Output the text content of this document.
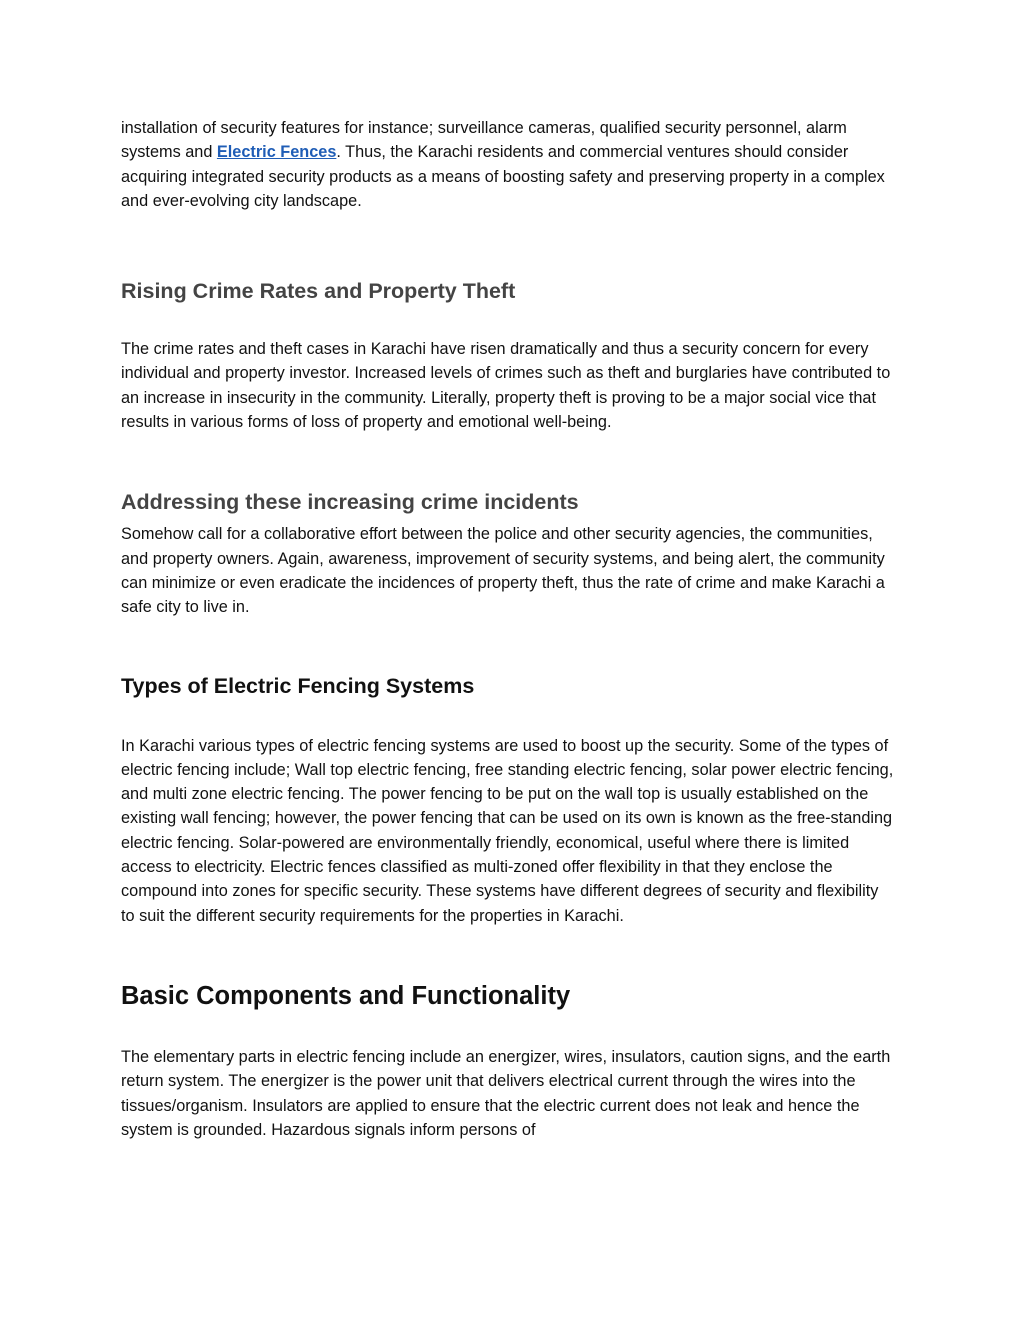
installation of security features for instance; surveillance cameras, qualified security personnel, alarm systems and Electric Fences. Thus, the Karachi residents and commercial ventures should consider acquiring integrated security products as a means of boosting safety and preserving property in a complex and ever-evolving city landscape.

Rising Crime Rates and Property Theft

The crime rates and theft cases in Karachi have risen dramatically and thus a security concern for every individual and property investor. Increased levels of crimes such as theft and burglaries have contributed to an increase in insecurity in the community. Literally, property theft is proving to be a major social vice that results in various forms of loss of property and emotional well-being.

Addressing these increasing crime incidents

Somehow call for a collaborative effort between the police and other security agencies, the communities, and property owners. Again, awareness, improvement of security systems, and being alert, the community can minimize or even eradicate the incidences of property theft, thus the rate of crime and make Karachi a safe city to live in.

Types of Electric Fencing Systems

In Karachi various types of electric fencing systems are used to boost up the security. Some of the types of electric fencing include; Wall top electric fencing, free standing electric fencing, solar power electric fencing, and multi zone electric fencing. The power fencing to be put on the wall top is usually established on the existing wall fencing; however, the power fencing that can be used on its own is known as the free-standing electric fencing. Solar-powered are environmentally friendly, economical, useful where there is limited access to electricity. Electric fences classified as multi-zoned offer flexibility in that they enclose the compound into zones for specific security. These systems have different degrees of security and flexibility to suit the different security requirements for the properties in Karachi.

Basic Components and Functionality

The elementary parts in electric fencing include an energizer, wires, insulators, caution signs, and the earth return system. The energizer is the power unit that delivers electrical current through the wires into the tissues/organism. Insulators are applied to ensure that the electric current does not leak and hence the system is grounded. Hazardous signals inform persons of
